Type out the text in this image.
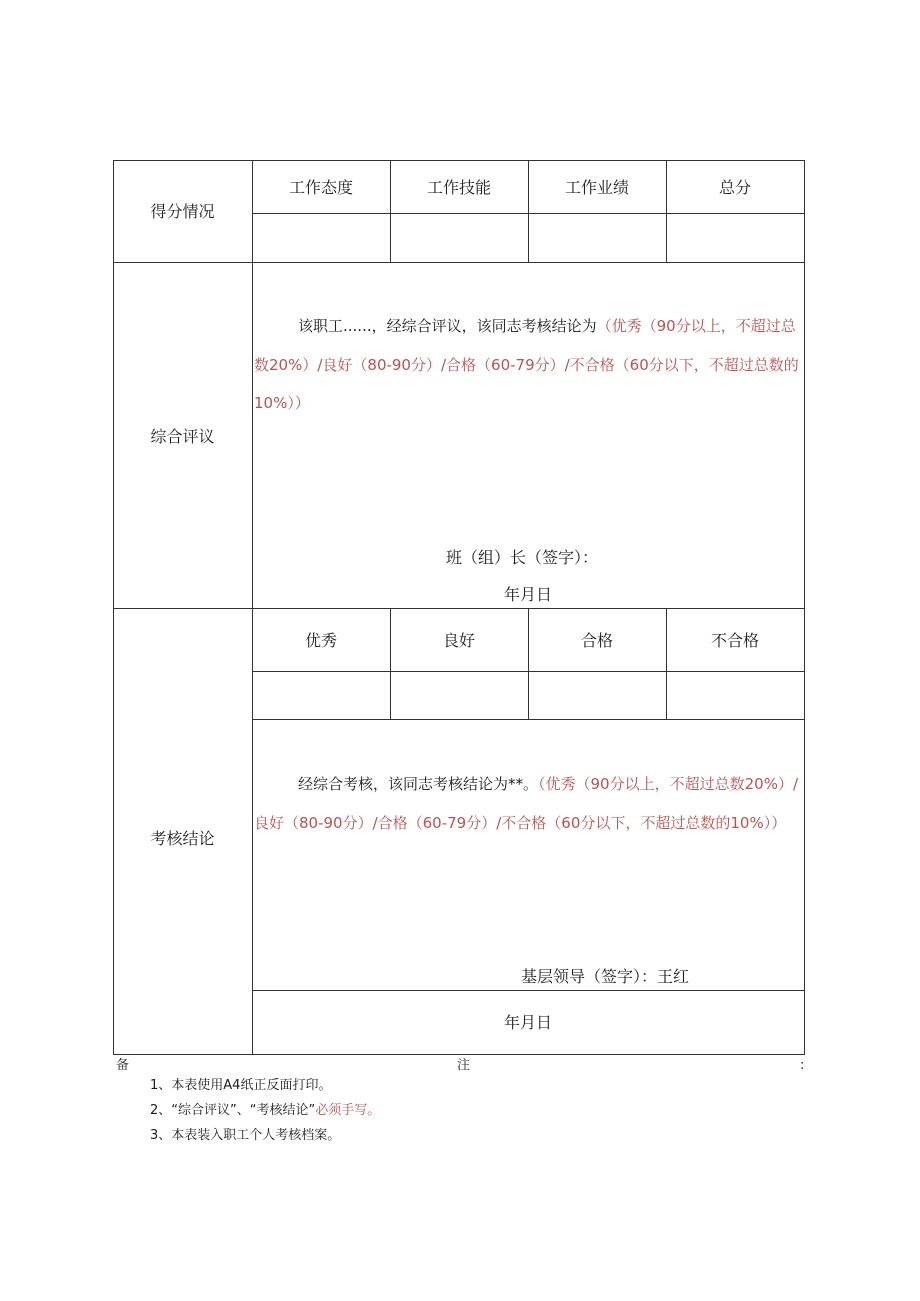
得分情况
工作态度	工作技能	工作业绩	总分
综合评议
该职工......，经综合评议，该同志考核结论为（优秀（90分以上，不超过总数20%）/良好（80-90分）/合格（60-79分）/不合格（60分以下，不超过总数的10%））
班（组）长（签字）：
年月日
考核结论
优秀	良好	合格	不合格
经综合考核，该同志考核结论为**。（优秀（90分以上，不超过总数20%）/良好（80-90分）/合格（60-79分）/不合格（60分以下，不超过总数的10%））
基层领导（签字）：王红
年月日
备	注	:
1、本表使用A4纸正反面打印。
2、“综合评议”、“考核结论”必须手写。
3、本表装入职工个人考核档案。
